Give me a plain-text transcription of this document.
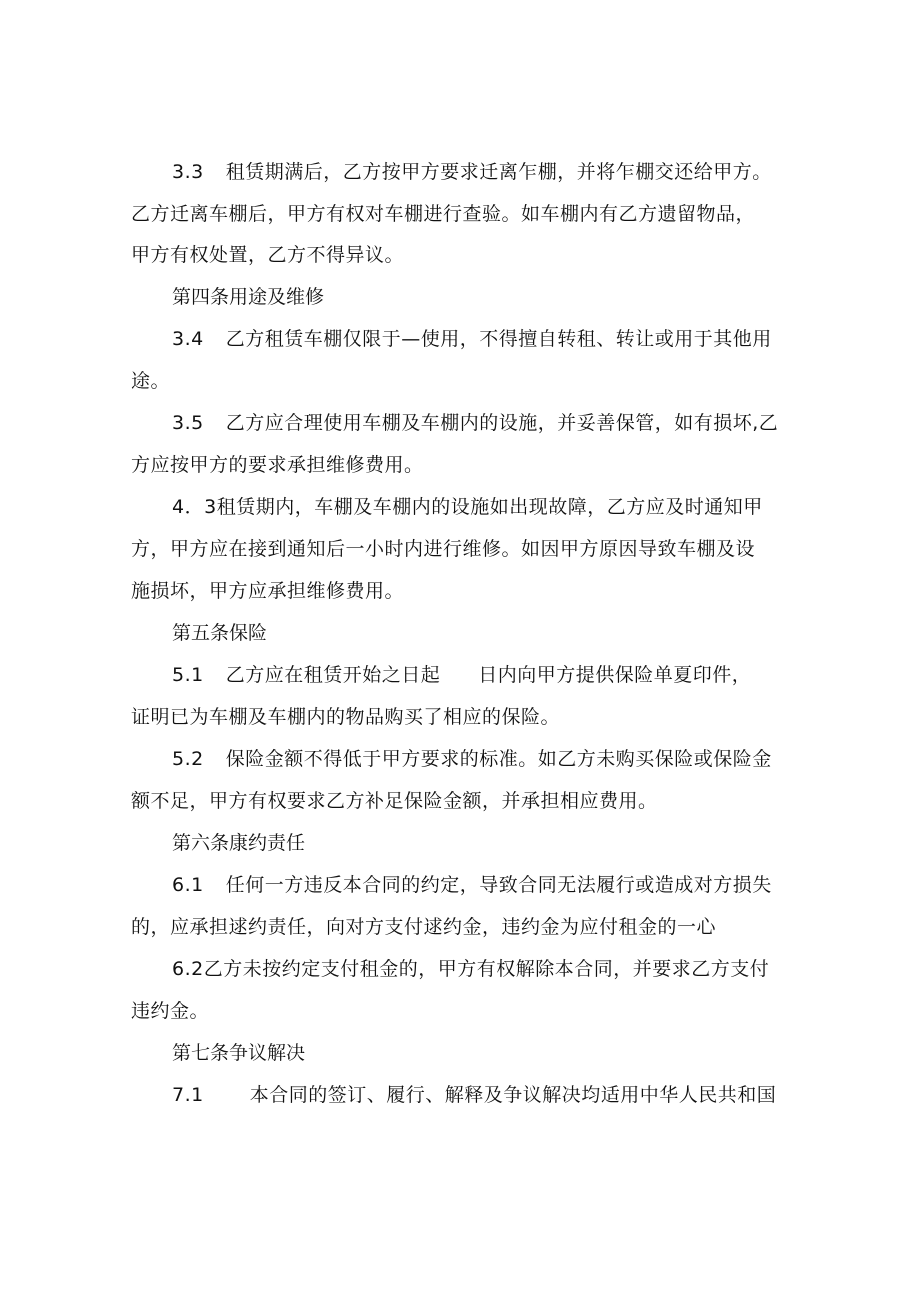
3.3 租赁期满后，乙方按甲方要求迁离乍棚，并将乍棚交还给甲方。
乙方迁离车棚后，甲方有权对车棚进行查验。如车棚内有乙方遗留物品，
甲方有权处置，乙方不得异议。
第四条用途及维修
3.4 乙方租赁车棚仅限于—使用，不得擅自转租、转让或用于其他用
途。
3.5 乙方应合理使用车棚及车棚内的设施，并妥善保管，如有损坏,乙
方应按甲方的要求承担维修费用。
4．3租赁期内，车棚及车棚内的设施如出现故障，乙方应及时通知甲
方，甲方应在接到通知后一小时内进行维修。如因甲方原因导致车棚及设
施损坏，甲方应承担维修费用。
第五条保险
5.1 乙方应在租赁开始之日起 日内向甲方提供保险单夏印件，
证明已为车棚及车棚内的物品购买了相应的保险。
5.2 保险金额不得低于甲方要求的标准。如乙方未购买保险或保险金
额不足，甲方有权要求乙方补足保险金额，并承担相应费用。
第六条康约责任
6.1 任何一方违反本合同的约定，导致合同无法履行或造成对方损失
的，应承担逑约责任，向对方支付逑约金，违约金为应付租金的一心
6.2乙方未按约定支付租金的，甲方有权解除本合同，并要求乙方支付
违约金。
第七条争议解决
7.1 本合同的签订、履行、解释及争议解决均适用中华人民共和国
